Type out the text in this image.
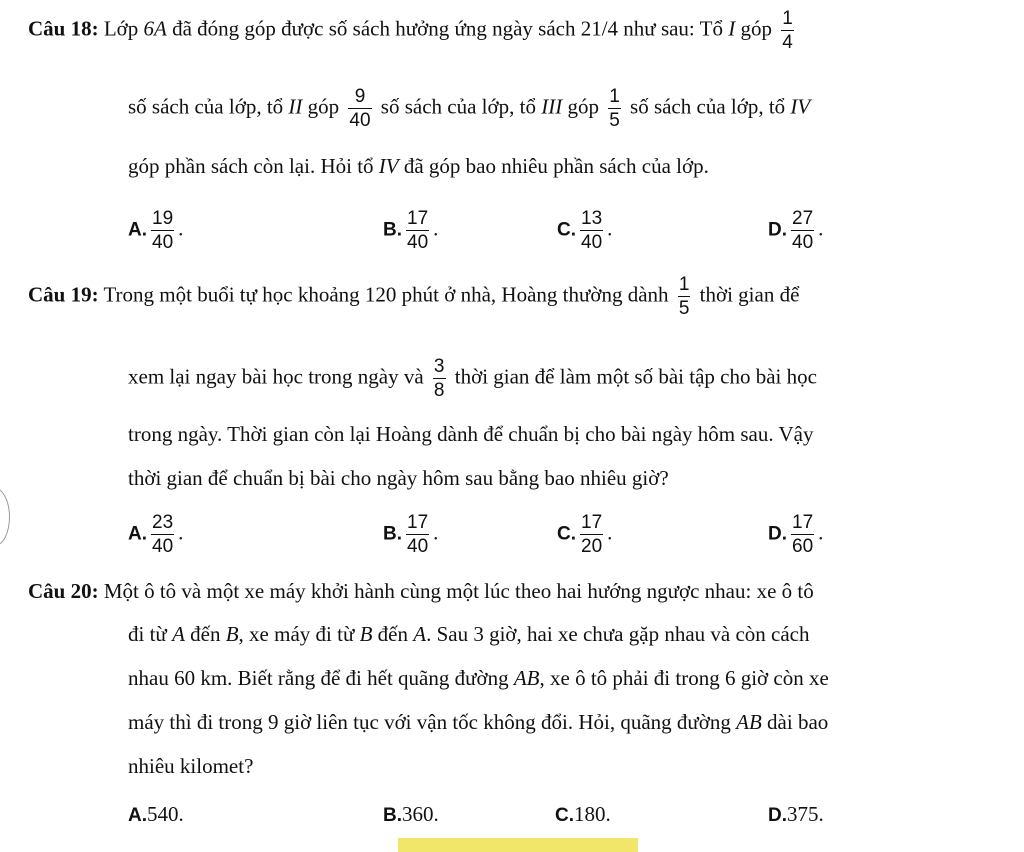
Câu 18: Lớp 6A đã đóng góp được số sách hưởng ứng ngày sách 21/4 như sau: Tổ I góp $\frac{1}{4}$
số sách của lớp, tổ II góp $\frac{9}{40}$ số sách của lớp, tổ III góp $\frac{1}{5}$ số sách của lớp, tổ IV
góp phần sách còn lại. Hỏi tổ IV đã góp bao nhiêu phần sách của lớp.
A. $\frac{19}{40}$ .	B. $\frac{17}{40}$ .	C. $\frac{13}{40}$ .	D. $\frac{27}{40}$ .
Câu 19: Trong một buổi tự học khoảng 120 phút ở nhà, Hoàng thường dành $\frac{1}{5}$ thời gian để
xem lại ngay bài học trong ngày và $\frac{3}{8}$ thời gian để làm một số bài tập cho bài học
trong ngày. Thời gian còn lại Hoàng dành để chuẩn bị cho bài ngày hôm sau. Vậy
thời gian để chuẩn bị bài cho ngày hôm sau bằng bao nhiêu giờ?
A. $\frac{23}{40}$ .	B. $\frac{17}{40}$ .	C. $\frac{17}{20}$ .	D. $\frac{17}{60}$ .
Câu 20: Một ô tô và một xe máy khởi hành cùng một lúc theo hai hướng ngược nhau: xe ô tô
đi từ A đến B, xe máy đi từ B đến A. Sau 3 giờ, hai xe chưa gặp nhau và còn cách
nhau 60 km. Biết rằng để đi hết quãng đường AB, xe ô tô phải đi trong 6 giờ còn xe
máy thì đi trong 9 giờ liên tục với vận tốc không đổi. Hỏi, quãng đường AB dài bao
nhiêu kilomet?
A.540.	B.360.	C.180.	D.375.
